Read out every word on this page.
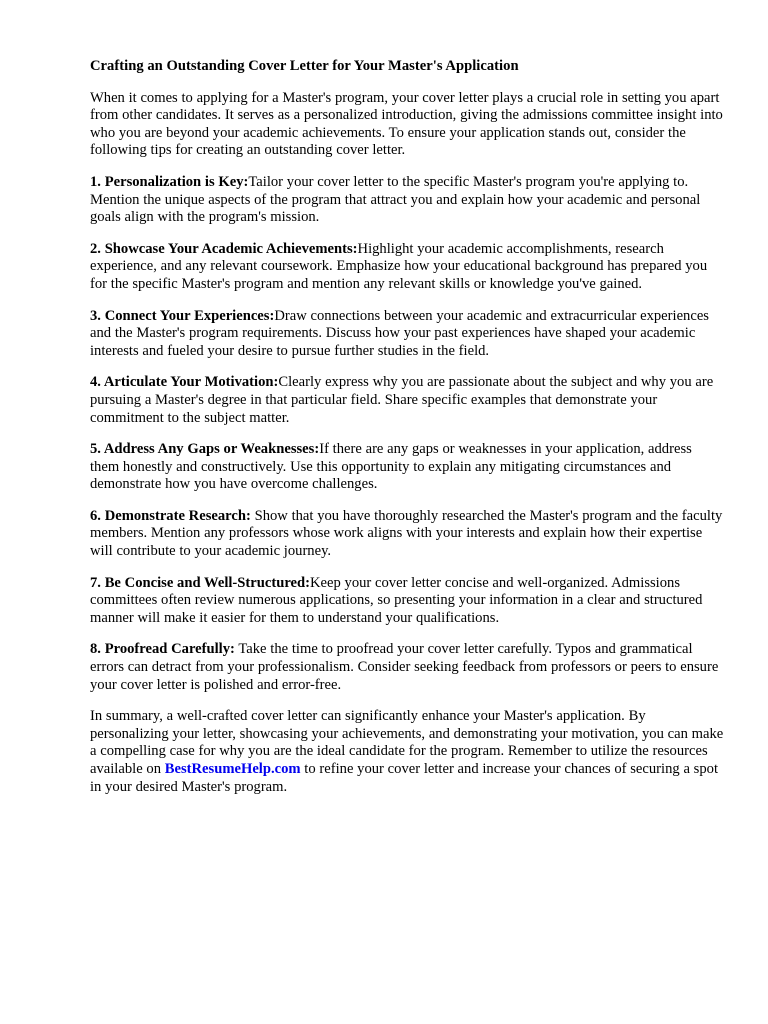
Crafting an Outstanding Cover Letter for Your Master's Application

When it comes to applying for a Master's program, your cover letter plays a crucial role in setting you apart from other candidates. It serves as a personalized introduction, giving the admissions committee insight into who you are beyond your academic achievements. To ensure your application stands out, consider the following tips for creating an outstanding cover letter.

1. Personalization is Key:Tailor your cover letter to the specific Master's program you're applying to. Mention the unique aspects of the program that attract you and explain how your academic and personal goals align with the program's mission.

2. Showcase Your Academic Achievements:Highlight your academic accomplishments, research experience, and any relevant coursework. Emphasize how your educational background has prepared you for the specific Master's program and mention any relevant skills or knowledge you've gained.

3. Connect Your Experiences:Draw connections between your academic and extracurricular experiences and the Master's program requirements. Discuss how your past experiences have shaped your academic interests and fueled your desire to pursue further studies in the field.

4. Articulate Your Motivation:Clearly express why you are passionate about the subject and why you are pursuing a Master's degree in that particular field. Share specific examples that demonstrate your commitment to the subject matter.

5. Address Any Gaps or Weaknesses:If there are any gaps or weaknesses in your application, address them honestly and constructively. Use this opportunity to explain any mitigating circumstances and demonstrate how you have overcome challenges.

6. Demonstrate Research: Show that you have thoroughly researched the Master's program and the faculty members. Mention any professors whose work aligns with your interests and explain how their expertise will contribute to your academic journey.

7. Be Concise and Well-Structured:Keep your cover letter concise and well-organized. Admissions committees often review numerous applications, so presenting your information in a clear and structured manner will make it easier for them to understand your qualifications.

8. Proofread Carefully: Take the time to proofread your cover letter carefully. Typos and grammatical errors can detract from your professionalism. Consider seeking feedback from professors or peers to ensure your cover letter is polished and error-free.

In summary, a well-crafted cover letter can significantly enhance your Master's application. By personalizing your letter, showcasing your achievements, and demonstrating your motivation, you can make a compelling case for why you are the ideal candidate for the program. Remember to utilize the resources available on BestResumeHelp.com to refine your cover letter and increase your chances of securing a spot in your desired Master's program.
